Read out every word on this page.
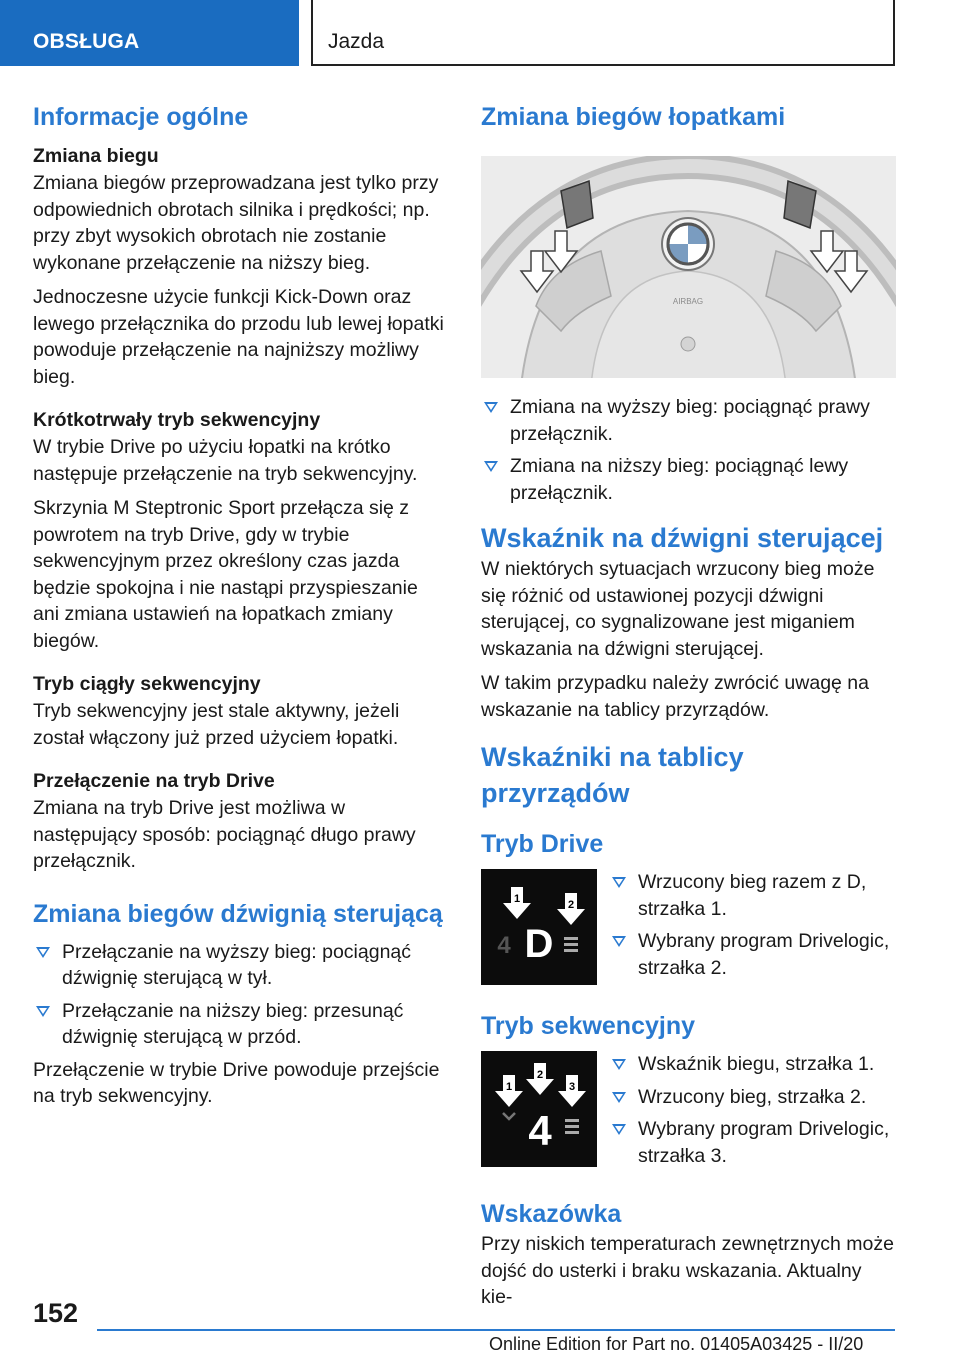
OBSŁUGA	Jazda
Informacje ogólne
Zmiana biegu

Zmiana biegów przeprowadzana jest tylko przy odpowiednich obrotach silnika i prędkości; np. przy zbyt wysokich obrotach nie zostanie wykonane przełączenie na niższy bieg.

Jednoczesne użycie funkcji Kick-Down oraz lewego przełącznika do przodu lub lewej łopatki powoduje przełączenie na najniższy możliwy bieg.

Krótkotrwały tryb sekwencyjny

W trybie Drive po użyciu łopatki na krótko następuje przełączenie na tryb sekwencyjny.

Skrzynia M Steptronic Sport przełącza się z powrotem na tryb Drive, gdy w trybie sekwencyjnym przez określony czas jazda będzie spokojna i nie nastąpi przyspieszanie ani zmiana ustawień na łopatkach zmiany biegów.

Tryb ciągły sekwencyjny

Tryb sekwencyjny jest stale aktywny, jeżeli został włączony już przed użyciem łopatki.

Przełączenie na tryb Drive

Zmiana na tryb Drive jest możliwa w następujący sposób: pociągnąć długo prawy przełącznik.

Zmiana biegów dźwignią sterującą
Przełączanie na wyższy bieg: pociągnąć dźwignię sterującą w tył.
Przełączanie na niższy bieg: przesunąć dźwignię sterującą w przód.

Przełączenie w trybie Drive powoduje przejście na tryb sekwencyjny.

Zmiana biegów łopatkami
AIRBAG
Zmiana na wyższy bieg: pociągnąć prawy przełącznik.
Zmiana na niższy bieg: pociągnąć lewy przełącznik.
Wskaźnik na dźwigni sterującej

W niektórych sytuacjach wrzucony bieg może się różnić od ustawionej pozycji dźwigni sterującej, co sygnalizowane jest miganiem wskazania na dźwigni sterującej.

W takim przypadku należy zwrócić uwagę na wskazanie na tablicy przyrządów.

Wskaźniki na tablicy przyrządów
Tryb Drive
1	2
4 D
Wrzucony bieg razem z D, strzałka 1.
Wybrany program Drivelogic, strzałka 2.
Tryb sekwencyjny
1
2
3
4
Wskaźnik biegu, strzałka 1.
Wrzucony bieg, strzałka 2.
Wybrany program Drivelogic, strzałka 3.
Wskazówka

Przy niskich temperaturach zewnętrznych może dojść do usterki i braku wskazania. Aktualny kie-

152
Online Edition for Part no. 01405A03425 - II/20
